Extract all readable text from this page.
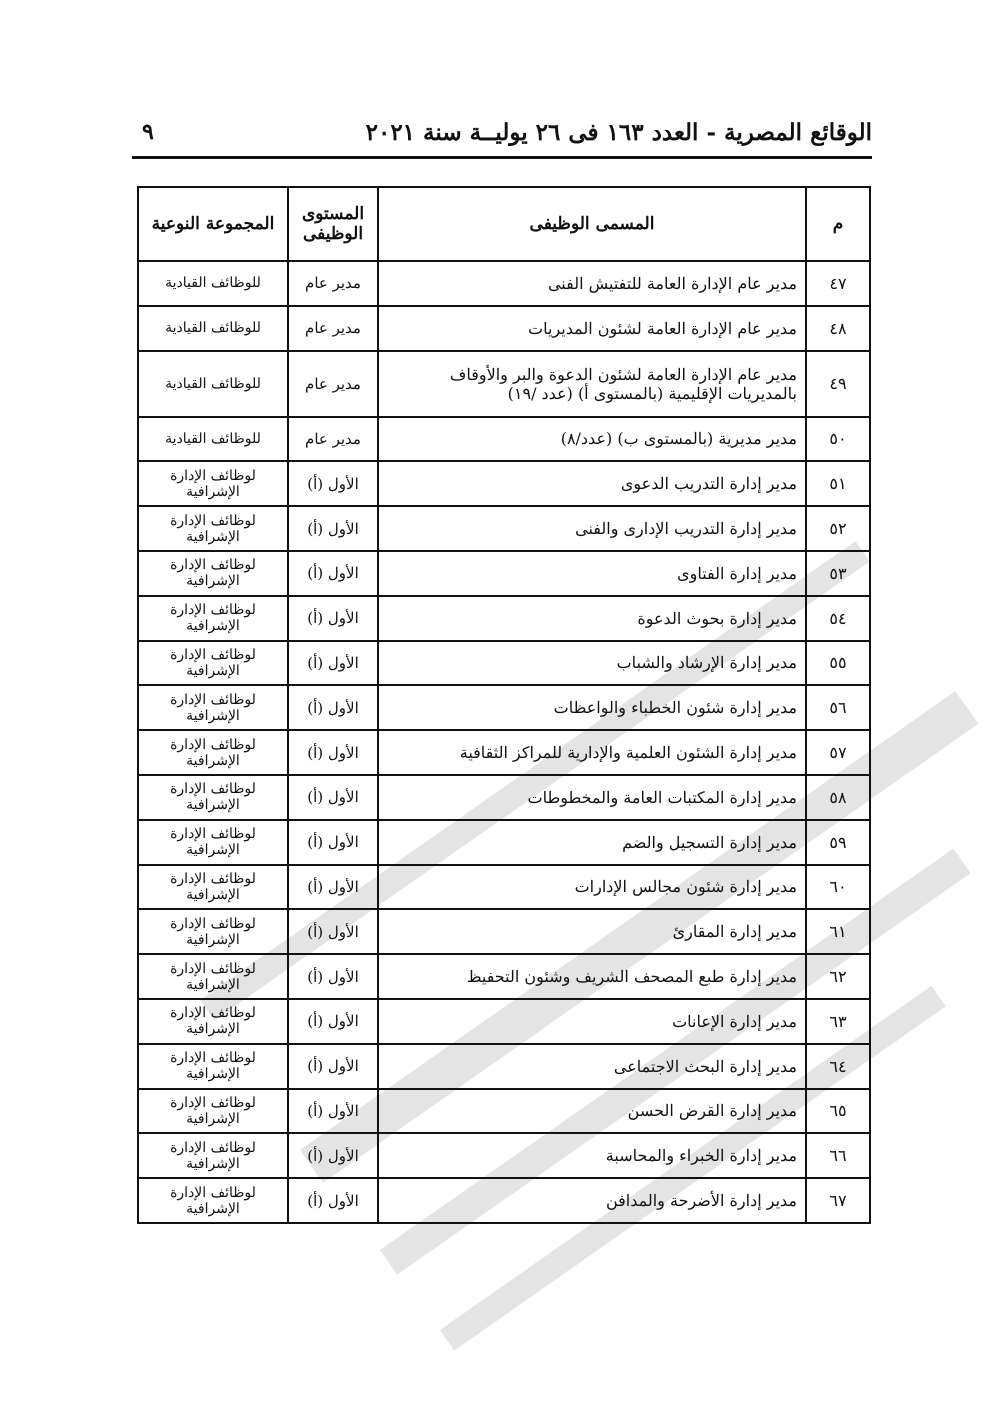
الوقائع المصرية - العدد ١٦٣ فى ٢٦ يوليــة سنة ٢٠٢١
٩
م	المسمى الوظيفى	المستوى الوظيفى	المجموعة النوعية
٤٧	مدير عام الإدارة العامة للتفتيش الفنى	مدير عام	للوظائف القيادية
٤٨	مدير عام الإدارة العامة لشئون المديريات	مدير عام	للوظائف القيادية
٤٩	مدير عام الإدارة العامة لشئون الدعوة والبر والأوقاف بالمديريات الإقليمية (بالمستوى أ) (عدد /١٩)	مدير عام	للوظائف القيادية
٥٠	مدير مديرية (بالمستوى ب) (عدد/٨)	مدير عام	للوظائف القيادية
٥١	مدير إدارة التدريب الدعوى	الأول (أ)	لوظائف الإدارة الإشرافية
٥٢	مدير إدارة التدريب الإدارى والفنى	الأول (أ)	لوظائف الإدارة الإشرافية
٥٣	مدير إدارة الفتاوى	الأول (أ)	لوظائف الإدارة الإشرافية
٥٤	مدير إدارة بحوث الدعوة	الأول (أ)	لوظائف الإدارة الإشرافية
٥٥	مدير إدارة الإرشاد والشباب	الأول (أ)	لوظائف الإدارة الإشرافية
٥٦	مدير إدارة شئون الخطباء والواعظات	الأول (أ)	لوظائف الإدارة الإشرافية
٥٧	مدير إدارة الشئون العلمية والإدارية للمراكز الثقافية	الأول (أ)	لوظائف الإدارة الإشرافية
٥٨	مدير إدارة المكتبات العامة والمخطوطات	الأول (أ)	لوظائف الإدارة الإشرافية
٥٩	مدير إدارة التسجيل والضم	الأول (أ)	لوظائف الإدارة الإشرافية
٦٠	مدير إدارة شئون مجالس الإدارات	الأول (أ)	لوظائف الإدارة الإشرافية
٦١	مدير إدارة المقارئ	الأول (أ)	لوظائف الإدارة الإشرافية
٦٢	مدير إدارة طبع المصحف الشريف وشئون التحفيظ	الأول (أ)	لوظائف الإدارة الإشرافية
٦٣	مدير إدارة الإعانات	الأول (أ)	لوظائف الإدارة الإشرافية
٦٤	مدير إدارة البحث الاجتماعى	الأول (أ)	لوظائف الإدارة الإشرافية
٦٥	مدير إدارة القرض الحسن	الأول (أ)	لوظائف الإدارة الإشرافية
٦٦	مدير إدارة الخبراء والمحاسبة	الأول (أ)	لوظائف الإدارة الإشرافية
٦٧	مدير إدارة الأضرحة والمدافن	الأول (أ)	لوظائف الإدارة الإشرافية
